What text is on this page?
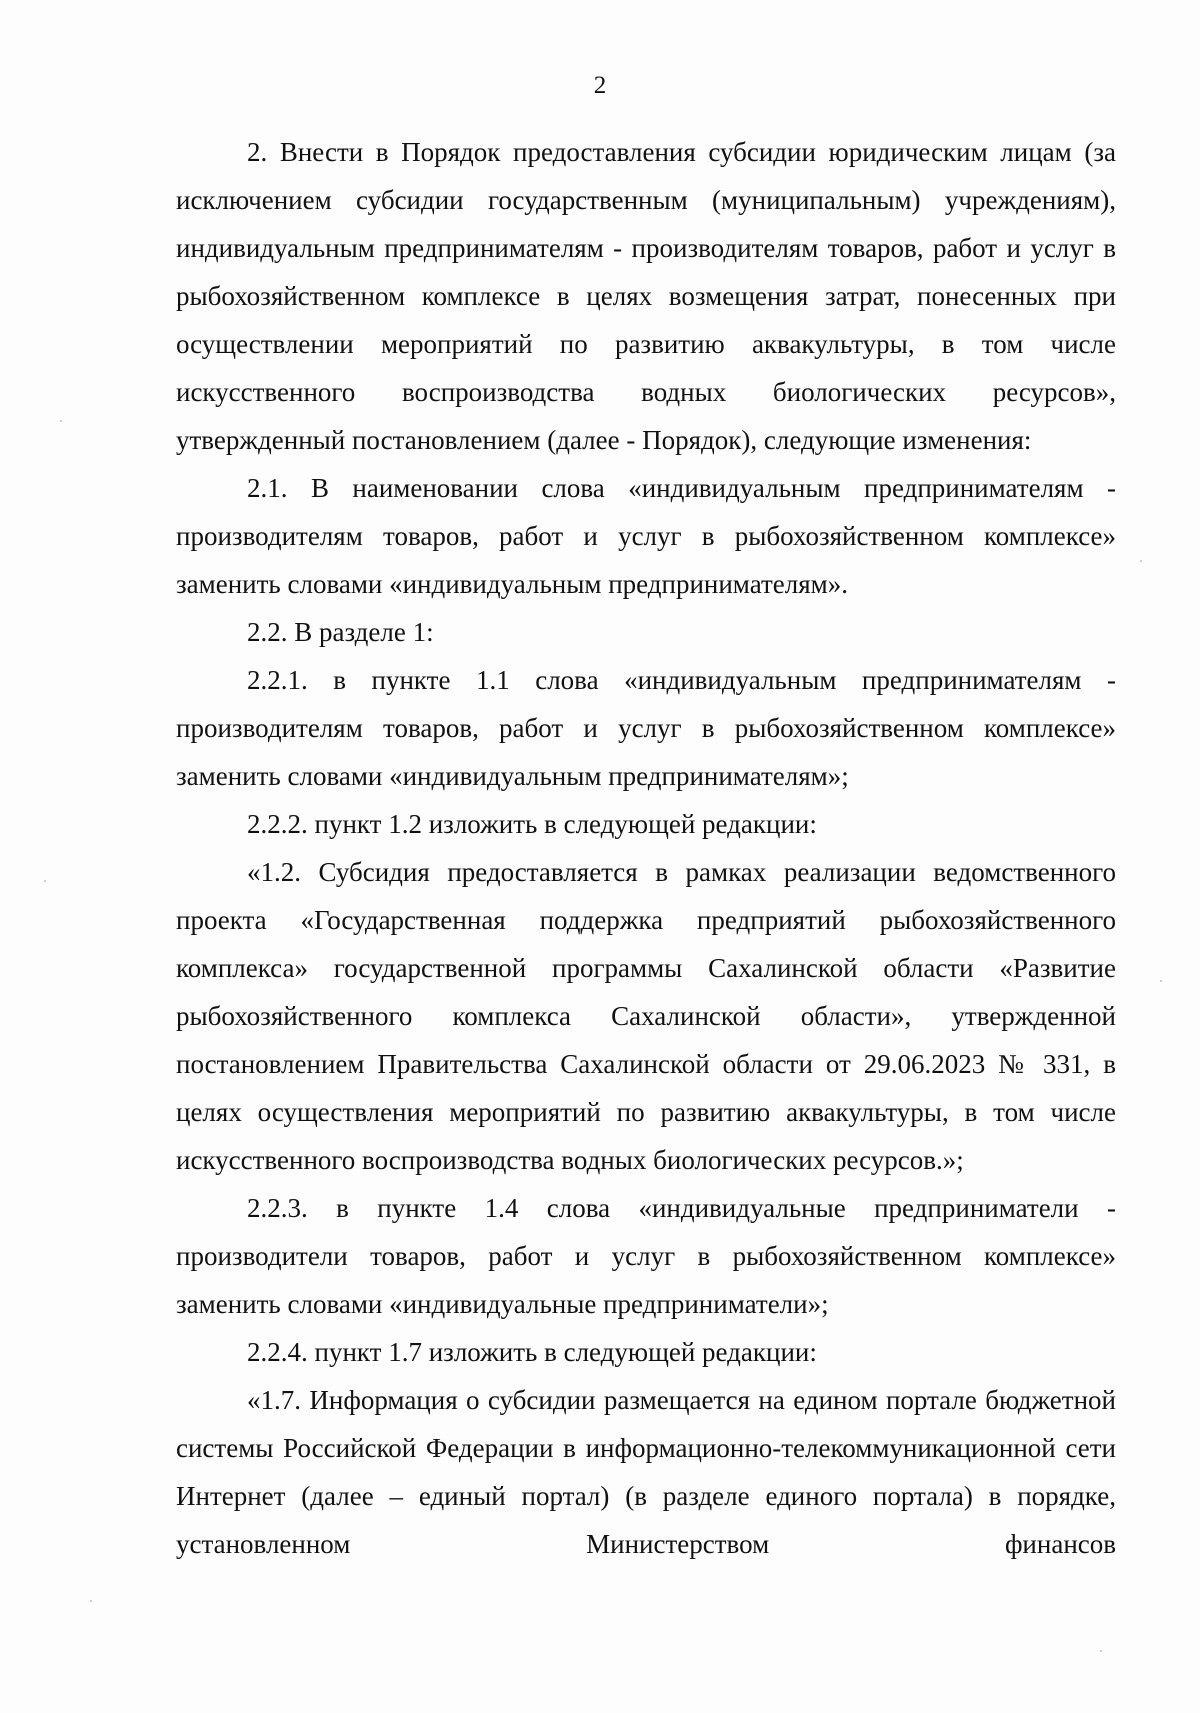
2

2. Внести в Порядок предоставления субсидии юридическим лицам (за исключением субсидии государственным (муниципальным) учреждениям), индивидуальным предпринимателям - производителям товаров, работ и услуг в рыбохозяйственном комплексе в целях возмещения затрат, понесенных при осуществлении мероприятий по развитию аквакультуры, в том числе искусственного воспроизводства водных биологических ресурсов», утвержденный постановлением (далее - Порядок), следующие изменения:

2.1. В наименовании слова «индивидуальным предпринимателям - производителям товаров, работ и услуг в рыбохозяйственном комплексе» заменить словами «индивидуальным предпринимателям».

2.2. В разделе 1:

2.2.1. в пункте 1.1 слова «индивидуальным предпринимателям - производителям товаров, работ и услуг в рыбохозяйственном комплексе» заменить словами «индивидуальным предпринимателям»;

2.2.2. пункт 1.2 изложить в следующей редакции:

«1.2. Субсидия предоставляется в рамках реализации ведомственного проекта «Государственная поддержка предприятий рыбохозяйственного комплекса» государственной программы Сахалинской области «Развитие рыбохозяйственного комплекса Сахалинской области», утвержденной постановлением Правительства Сахалинской области от 29.06.2023 № 331, в целях осуществления мероприятий по развитию аквакультуры, в том числе искусственного воспроизводства водных биологических ресурсов.»;

2.2.3. в пункте 1.4 слова «индивидуальные предприниматели - производители товаров, работ и услуг в рыбохозяйственном комплексе» заменить словами «индивидуальные предприниматели»;

2.2.4. пункт 1.7 изложить в следующей редакции:

«1.7. Информация о субсидии размещается на едином портале бюджетной системы Российской Федерации в информационно-телекоммуникационной сети Интернет (далее – единый портал) (в разделе единого портала) в порядке, установленном Министерством финансов
